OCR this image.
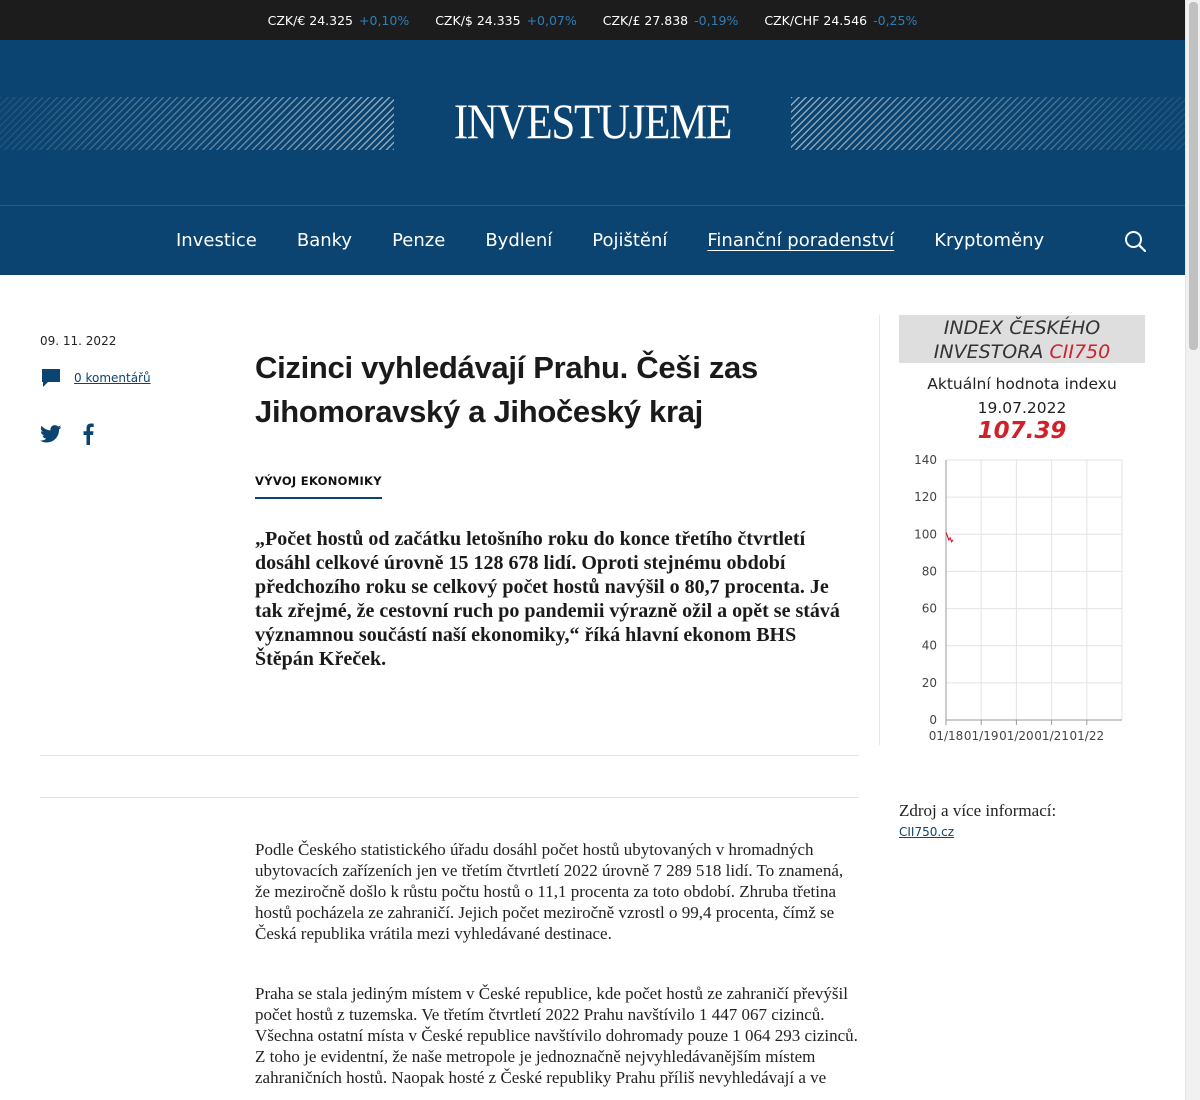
CZK/€ 24.325 +0,10% CZK/$ 24.335 +0,07% CZK/£ 27.838 -0,19% CZK/CHF 24.546 -0,25%
INVESTUJEME
Investice Banky Penze Bydlení Pojištění Finanční poradenství Kryptoměny
09. 11. 2022
0 komentářů	Cizinci vyhledávají Prahu. Češi zas Jihomoravský a Jihočeský kraj
VÝVOJ EKONOMIKY
„Počet hostů od začátku letošního roku do konce třetího čtvrtletí dosáhl celkové úrovně 15 128 678 lidí. Oproti stejnému období předchozího roku se celkový počet hostů navýšil o 80,7 procenta. Je tak zřejmé, že cestovní ruch po pandemii výrazně ožil a opět se stává významnou součástí naší ekonomiky,“ říká hlavní ekonom BHS Štěpán Křeček.

Podle Českého statistického úřadu dosáhl počet hostů ubytovaných v hromadných ubytovacích zařízeních jen ve třetím čtvrtletí 2022 úrovně 7 289 518 lidí. To znamená, že meziročně došlo k růstu počtu hostů o 11,1 procenta za toto období. Zhruba třetina hostů pocházela ze zahraničí. Jejich počet meziročně vzrostl o 99,4 procenta, čímž se Česká republika vrátila mezi vyhledávané destinace.

Praha se stala jediným místem v České republice, kde počet hostů ze zahraničí převýšil počet hostů z tuzemska. Ve třetím čtvrtletí 2022 Prahu navštívilo 1 447 067 cizinců. Všechna ostatní místa v České republice navštívilo dohromady pouze 1 064 293 cizinců. Z toho je evidentní, že naše metropole je jednoznačně nejvyhledávanějším místem zahraničních hostů. Naopak hosté z České republiky Prahu příliš nevyhledávají a ve

INDEX ČESKÉHO
INVESTORA CII750
Aktuální hodnota indexu
19.07.2022
107.39
0
20
40
60
80
100
120
140
01/18 01/19 01/20 01/21 01/22
Zdroj a více informací:
CII750.cz
